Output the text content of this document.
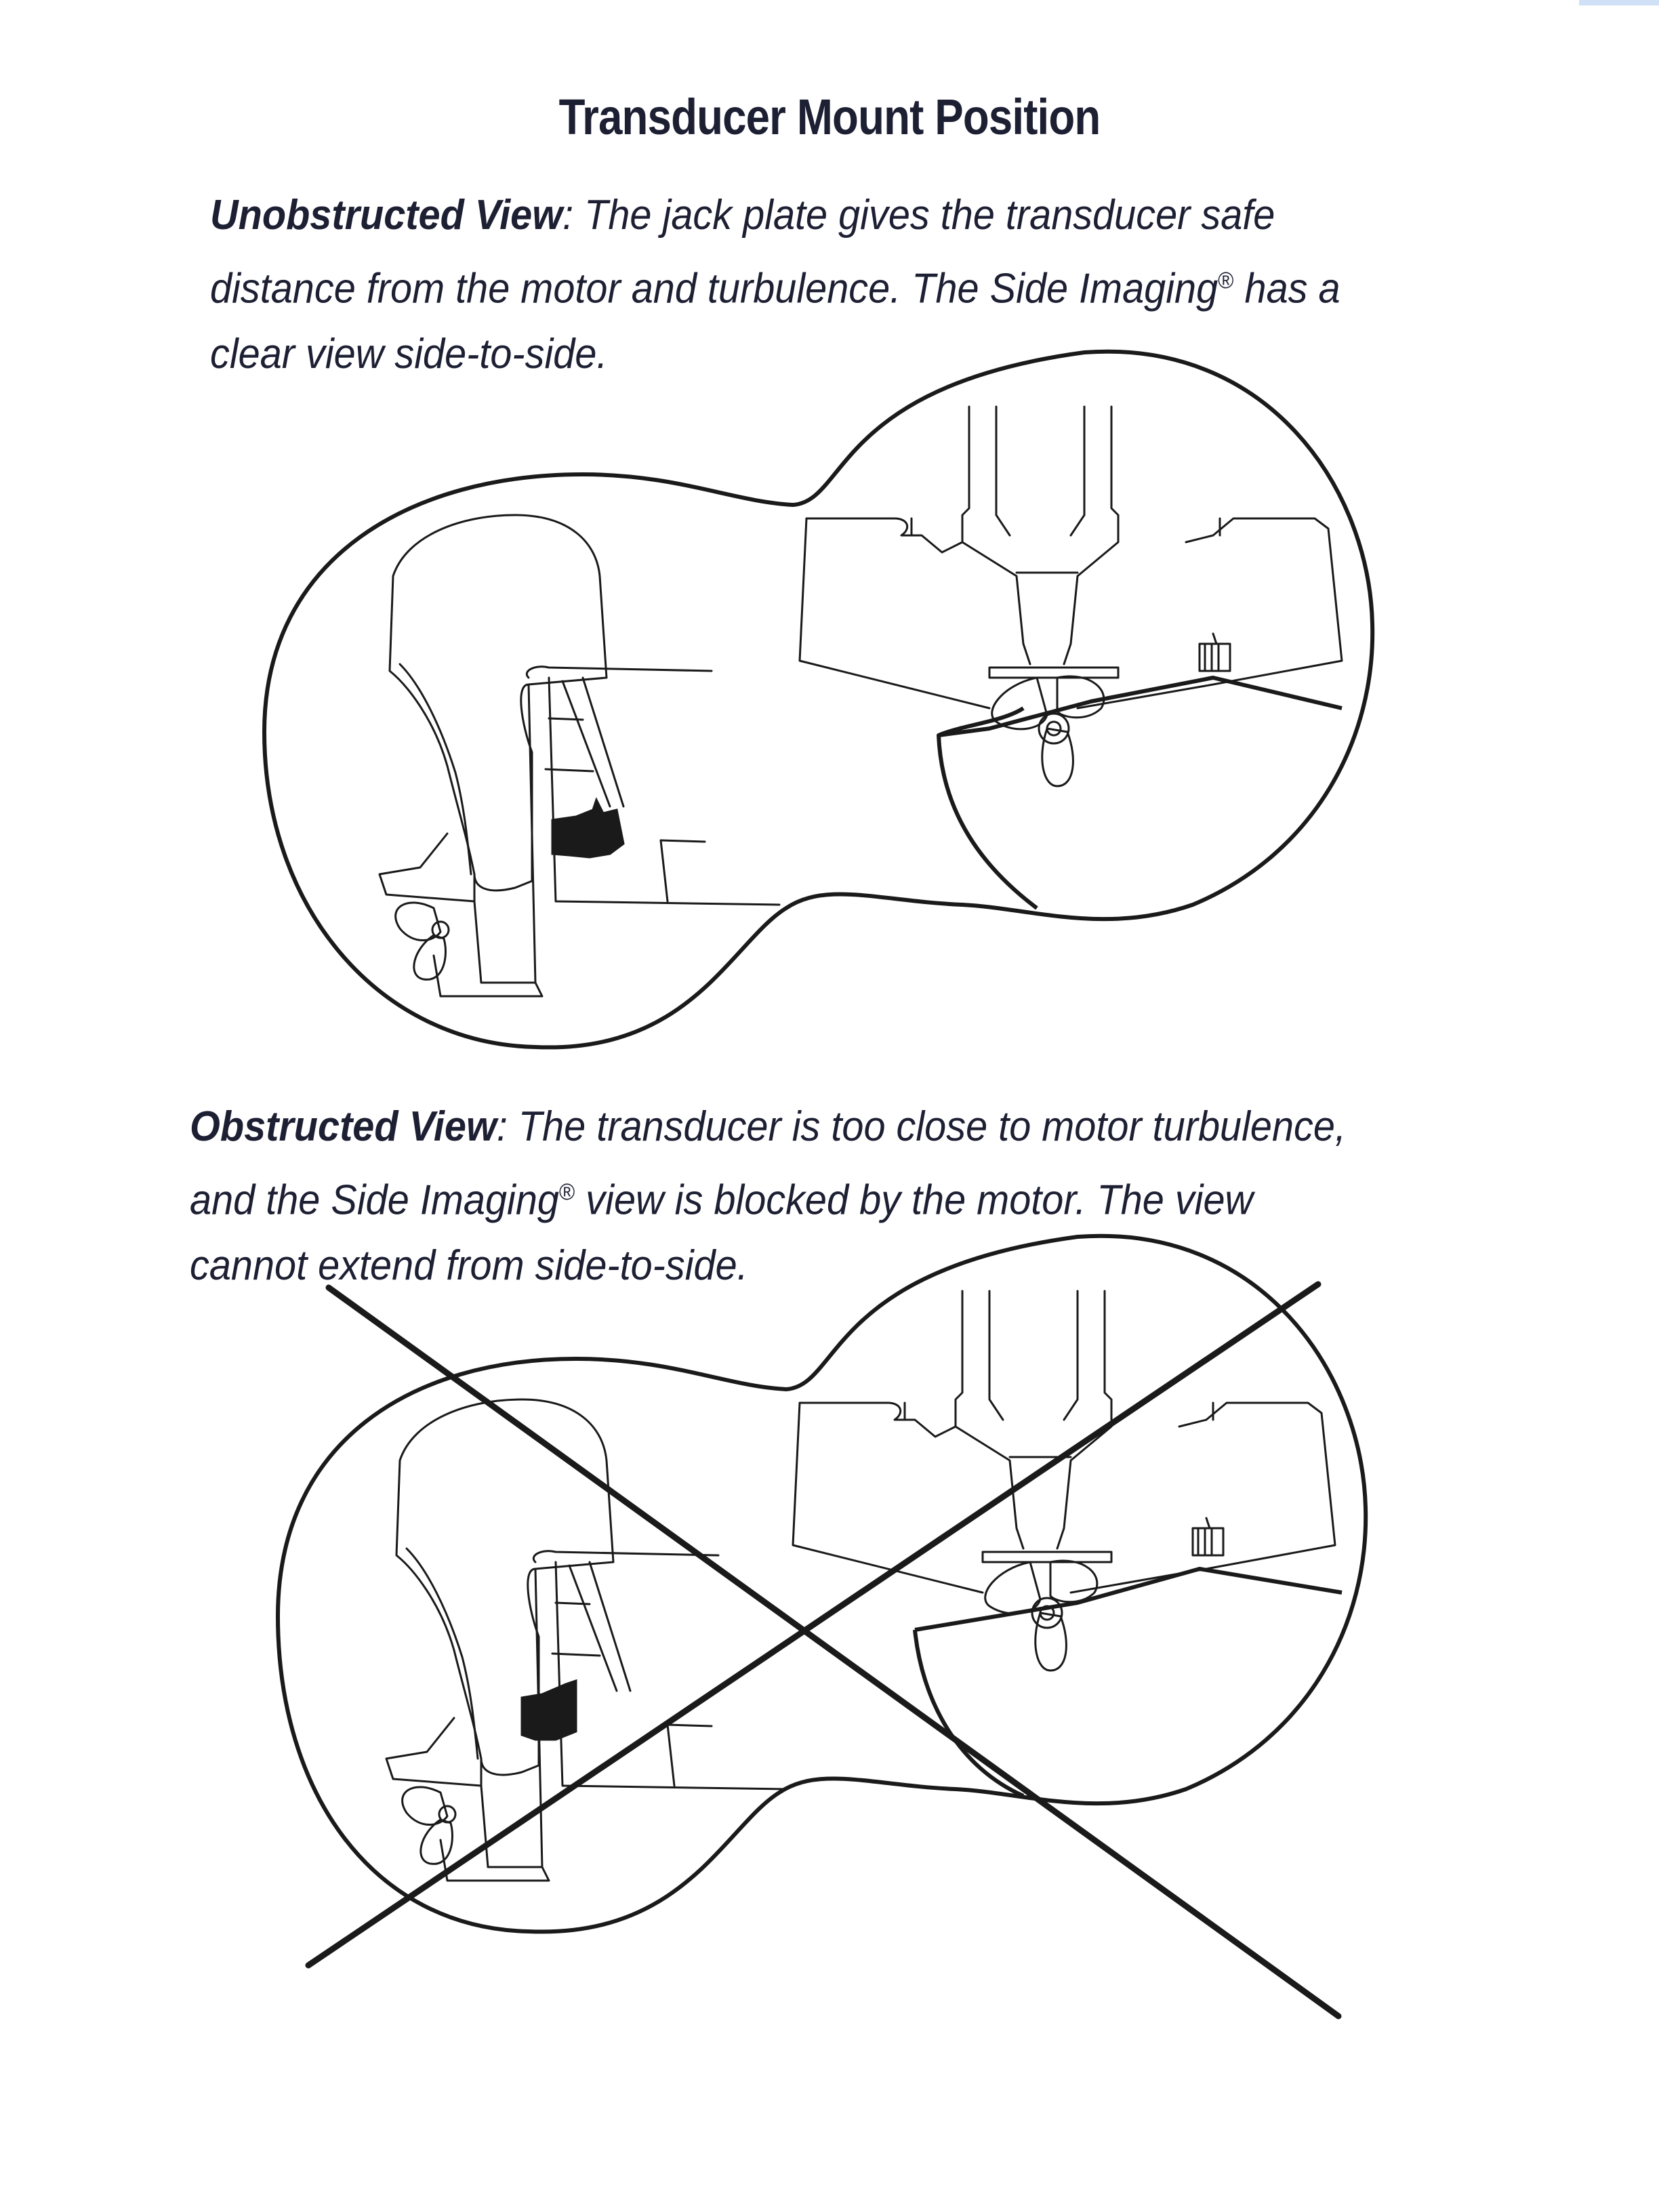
Transducer Mount Position
Unobstructed View: The jack plate gives the transducer safe
distance from the motor and turbulence. The Side Imaging® has a
clear view side-to-side.
Obstructed View: The transducer is too close to motor turbulence,
and the Side Imaging® view is blocked by the motor. The view
cannot extend from side-to-side.
